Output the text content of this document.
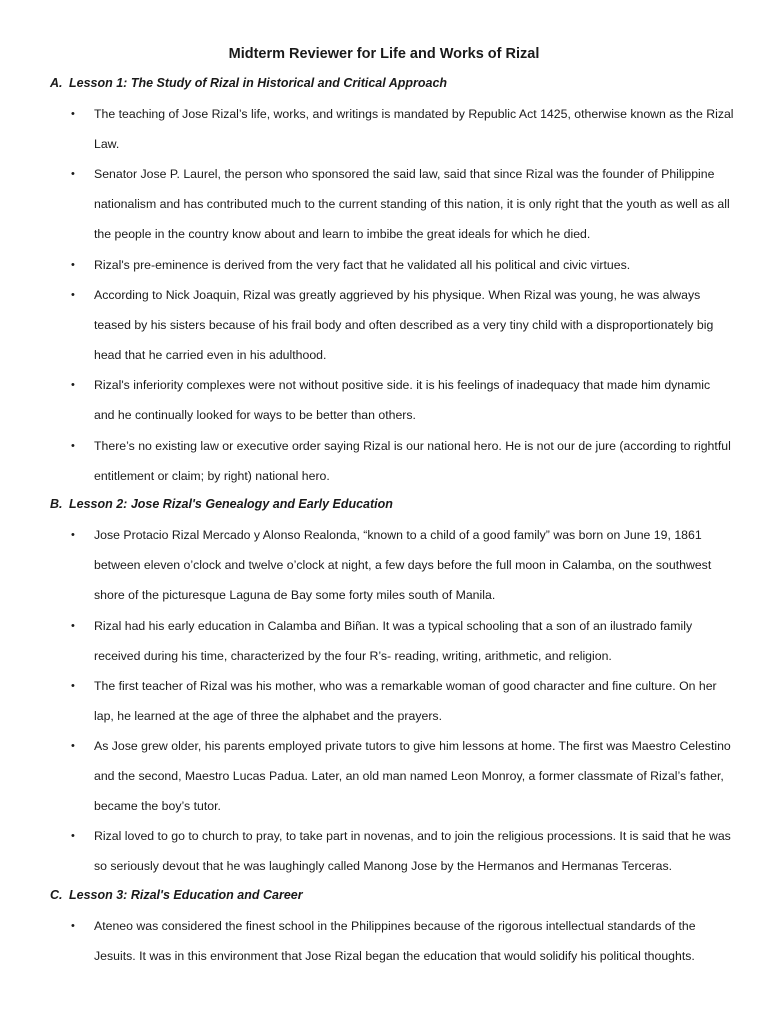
Midterm Reviewer for Life and Works of Rizal
A. Lesson 1: The Study of Rizal in Historical and Critical Approach
• The teaching of Jose Rizal’s life, works, and writings is mandated by Republic Act 1425, otherwise known as the Rizal Law.
• Senator Jose P. Laurel, the person who sponsored the said law, said that since Rizal was the founder of Philippine nationalism and has contributed much to the current standing of this nation, it is only right that the youth as well as all the people in the country know about and learn to imbibe the great ideals for which he died.
• Rizal's pre-eminence is derived from the very fact that he validated all his political and civic virtues.
• According to Nick Joaquin, Rizal was greatly aggrieved by his physique. When Rizal was young, he was always teased by his sisters because of his frail body and often described as a very tiny child with a disproportionately big head that he carried even in his adulthood.
• Rizal's inferiority complexes were not without positive side. it is his feelings of inadequacy that made him dynamic and he continually looked for ways to be better than others.
• There’s no existing law or executive order saying Rizal is our national hero. He is not our de jure (according to rightful entitlement or claim; by right) national hero.
B. Lesson 2: Jose Rizal's Genealogy and Early Education
• Jose Protacio Rizal Mercado y Alonso Realonda, “known to a child of a good family” was born on June 19, 1861 between eleven o’clock and twelve o’clock at night, a few days before the full moon in Calamba, on the southwest shore of the picturesque Laguna de Bay some forty miles south of Manila.
• Rizal had his early education in Calamba and Biñan. It was a typical schooling that a son of an ilustrado family received during his time, characterized by the four R’s- reading, writing, arithmetic, and religion.
• The first teacher of Rizal was his mother, who was a remarkable woman of good character and fine culture. On her lap, he learned at the age of three the alphabet and the prayers.
• As Jose grew older, his parents employed private tutors to give him lessons at home. The first was Maestro Celestino and the second, Maestro Lucas Padua. Later, an old man named Leon Monroy, a former classmate of Rizal’s father, became the boy’s tutor.
• Rizal loved to go to church to pray, to take part in novenas, and to join the religious processions. It is said that he was so seriously devout that he was laughingly called Manong Jose by the Hermanos and Hermanas Terceras.
C. Lesson 3: Rizal's Education and Career
• Ateneo was considered the finest school in the Philippines because of the rigorous intellectual standards of the Jesuits. It was in this environment that Jose Rizal began the education that would solidify his political thoughts.
